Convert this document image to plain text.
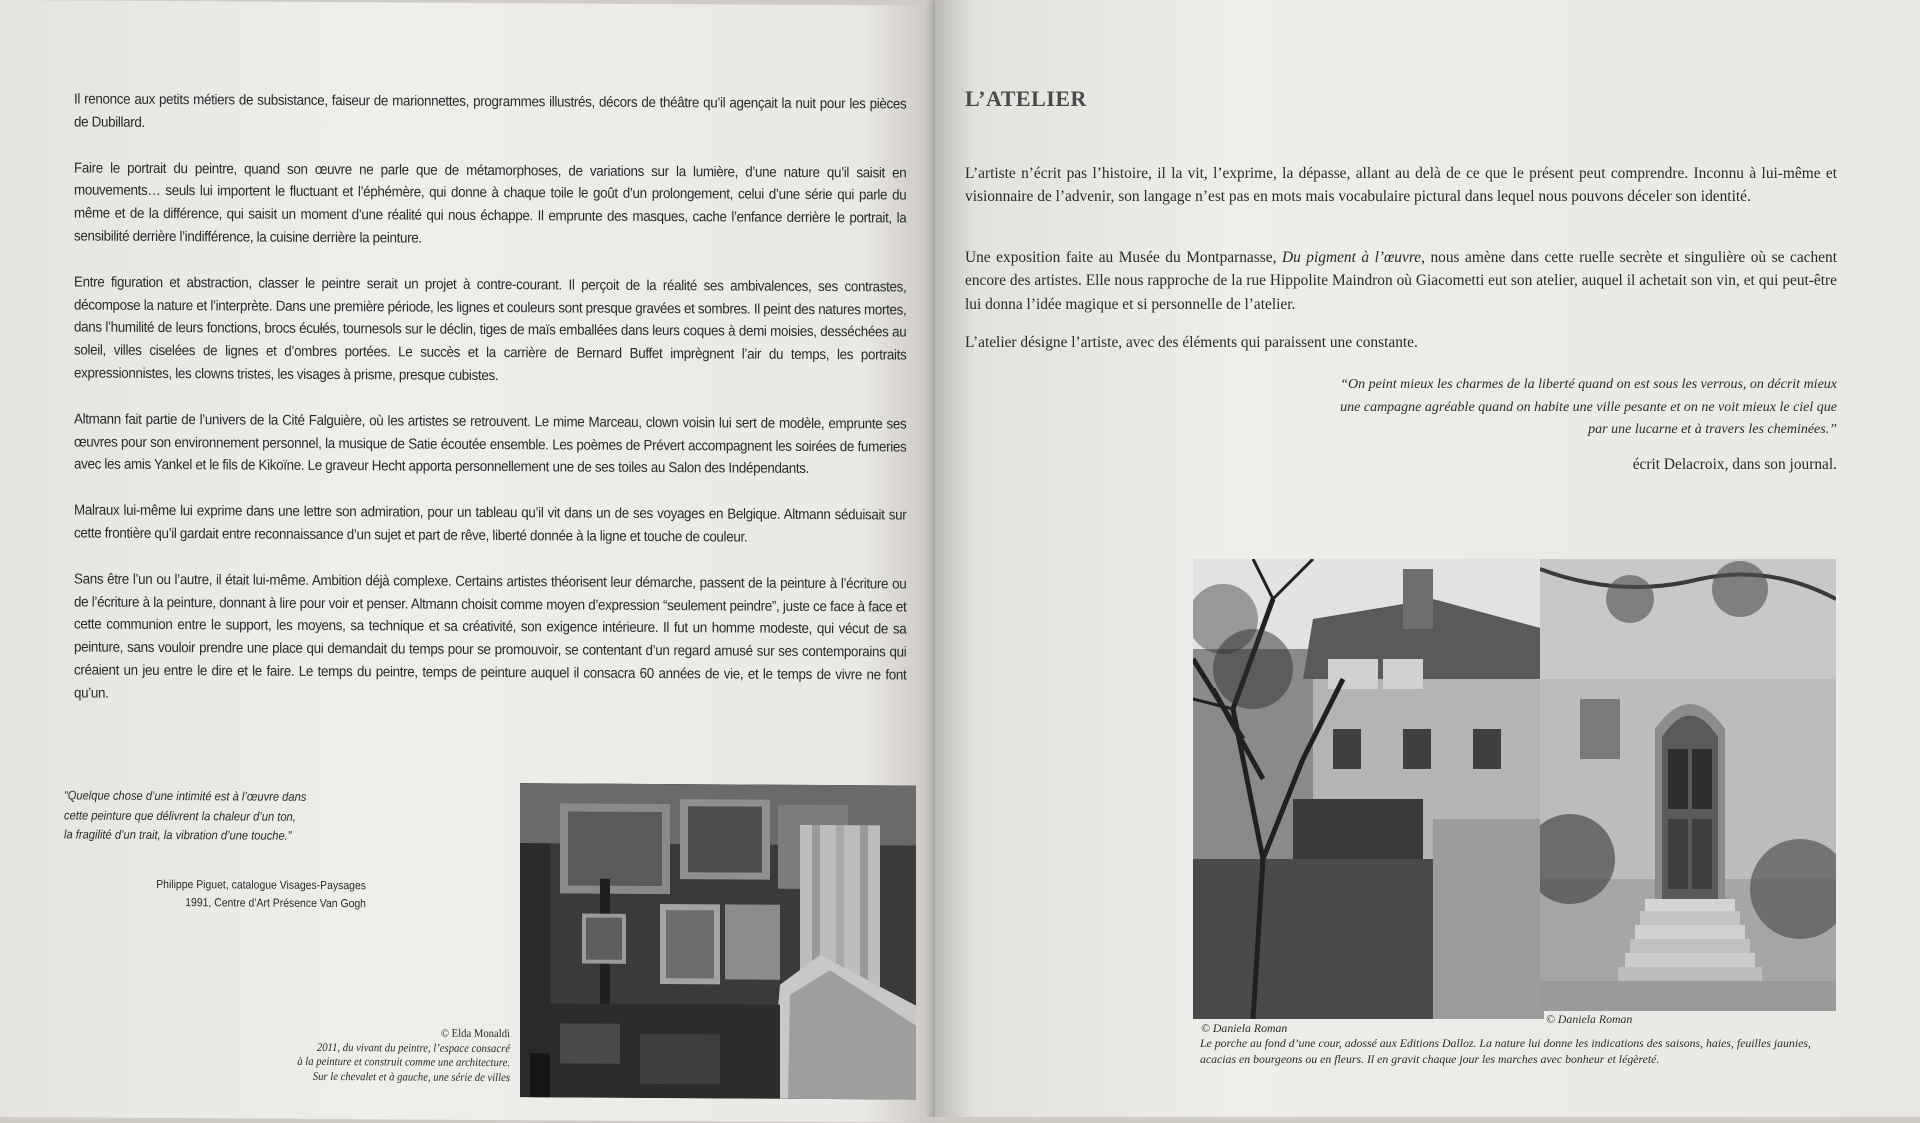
Il renonce aux petits métiers de subsistance, faiseur de marionnettes, programmes illustrés, décors de théâtre qu’il agençait la nuit pour les pièces de Dubillard.

Faire le portrait du peintre, quand son œuvre ne parle que de métamorphoses, de variations sur la lumière, d’une nature qu’il saisit en mouvements… seuls lui importent le fluctuant et l’éphémère, qui donne à chaque toile le goût d’un prolongement, celui d’une série qui parle du même et de la différence, qui saisit un moment d’une réalité qui nous échappe. Il emprunte des masques, cache l’enfance derrière le portrait, la sensibilité derrière l’indifférence, la cuisine derrière la peinture.

Entre figuration et abstraction, classer le peintre serait un projet à contre-courant. Il perçoit de la réalité ses ambivalences, ses contrastes, décompose la nature et l’interprète. Dans une première période, les lignes et couleurs sont presque gravées et sombres. Il peint des natures mortes, dans l’humilité de leurs fonctions, brocs écułés, tournesols sur le déclin, tiges de maïs emballées dans leurs coques à demi moisies, desséchées au soleil, villes ciselées de lignes et d’ombres portées. Le succès et la carrière de Bernard Buffet imprègnent l’air du temps, les portraits expressionnistes, les clowns tristes, les visages à prisme, presque cubistes.

Altmann fait partie de l’univers de la Cité Falguière, où les artistes se retrouvent. Le mime Marceau, clown voisin lui sert de modèle, emprunte ses œuvres pour son environnement personnel, la musique de Satie écoutée ensemble. Les poèmes de Prévert accompagnent les soirées de fumeries avec les amis Yankel et le fils de Kikoïne. Le graveur Hecht apporta personnellement une de ses toiles au Salon des Indépendants.

Malraux lui-même lui exprime dans une lettre son admiration, pour un tableau qu’il vit dans un de ses voyages en Belgique. Altmann séduisait sur cette frontière qu’il gardait entre reconnaissance d’un sujet et part de rêve, liberté donnée à la ligne et touche de couleur.

Sans être l’un ou l’autre, il était lui-même. Ambition déjà complexe. Certains artistes théorisent leur démarche, passent de la peinture à l’écriture ou de l’écriture à la peinture, donnant à lire pour voir et penser. Altmann choisit comme moyen d’expression “seulement peindre”, juste ce face à face et cette communion entre le support, les moyens, sa technique et sa créativité, son exigence intérieure. Il fut un homme modeste, qui vécut de sa peinture, sans vouloir prendre une place qui demandait du temps pour se promouvoir, se contentant d’un regard amusé sur ses contemporains qui créaient un jeu entre le dire et le faire. Le temps du peintre, temps de peinture auquel il consacra 60 années de vie, et le temps de vivre ne font qu’un.

“Quelque chose d’une intimité est à l’œuvre dans
cette peinture que délivrent la chaleur d’un ton,
la fragilité d’un trait, la vibration d’une touche.”
Philippe Piguet, catalogue Visages-Paysages
1991, Centre d’Art Présence Van Gogh
© Elda Monaldi
2011, du vivant du peintre, l’espace consacré
à la peinture et construit comme une architecture.
Sur le chevalet et à gauche, une série de villes
L’ATELIER

L’artiste n’écrit pas l’histoire, il la vit, l’exprime, la dépasse, allant au delà de ce que le présent peut comprendre. Inconnu à lui-même et visionnaire de l’advenir, son langage n’est pas en mots mais vocabulaire pictural dans lequel nous pouvons déceler son identité.

Une exposition faite au Musée du Montparnasse, Du pigment à l’œuvre, nous amène dans cette ruelle secrète et singulière où se cachent encore des artistes. Elle nous rapproche de la rue Hippolite Maindron où Giacometti eut son atelier, auquel il achetait son vin, et qui peut-être lui donna l’idée magique et si personnelle de l’atelier.

L’atelier désigne l’artiste, avec des éléments qui paraissent une constante.

“On peint mieux les charmes de la liberté quand on est sous les verrous, on décrit mieux
une campagne agréable quand on habite une ville pesante et on ne voit mieux le ciel que
par une lucarne et à travers les cheminées.”
écrit Delacroix, dans son journal.
© Daniela Roman
© Daniela Roman
Le porche au fond d’une cour, adossé aux Editions Dalloz. La nature lui donne les indications des saisons, haies, feuilles jaunies, acacias en bourgeons ou en fleurs. Il en gravit chaque jour les marches avec bonheur et légèreté.
